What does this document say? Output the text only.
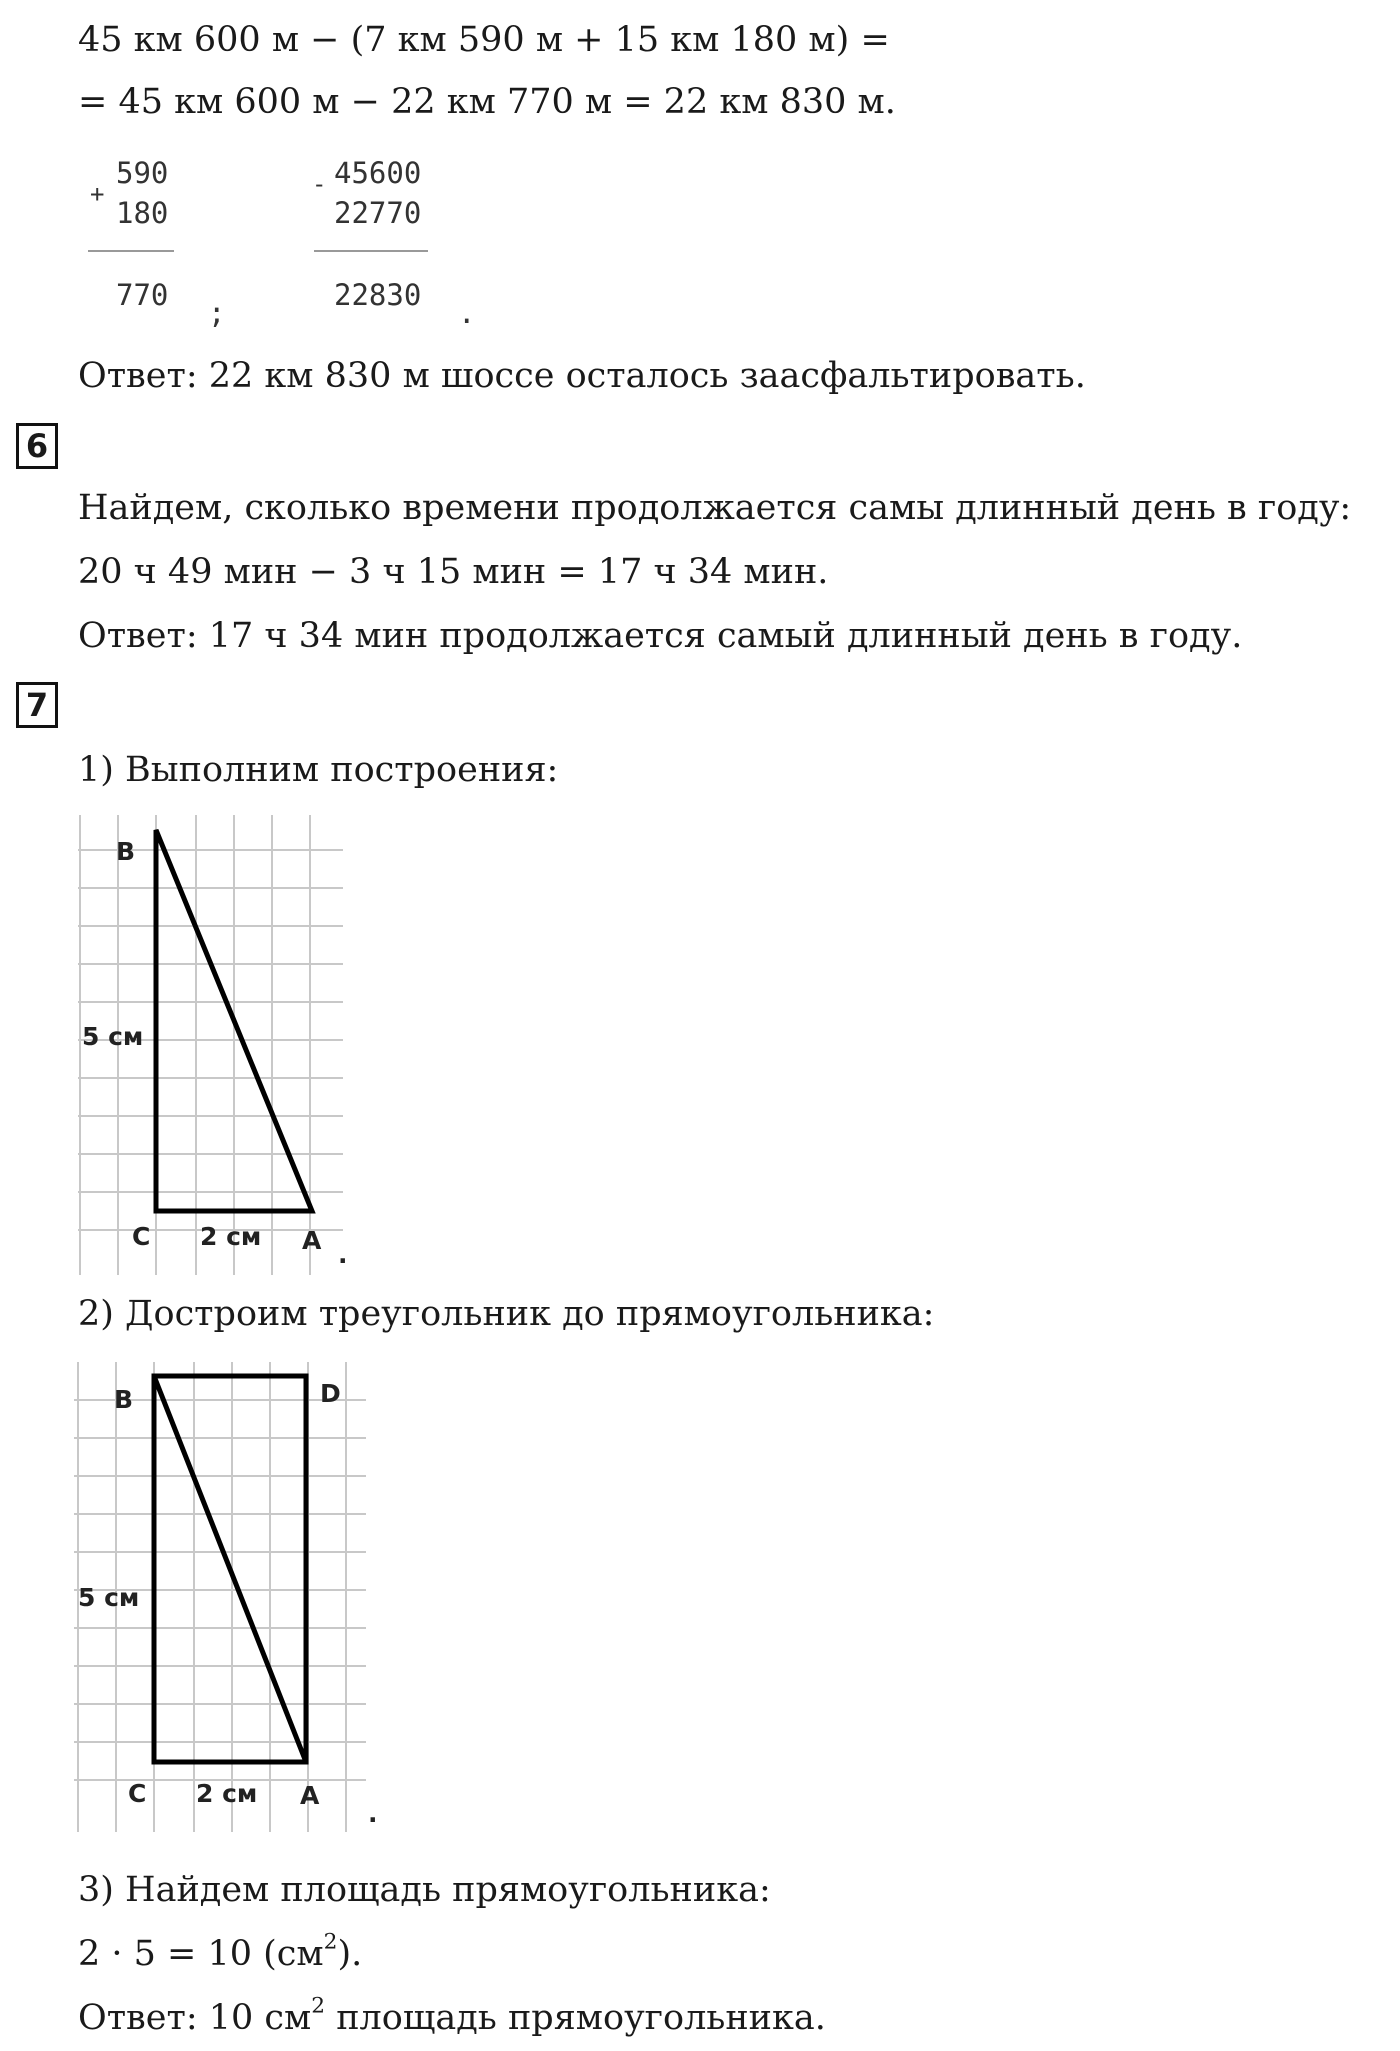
45 км 600 м − (7 км 590 м + 15 км 180 м) =
= 45 км 600 м − 22 км 770 м = 22 км 830 м.
+
590
180
770
;
- 45600
22770
22830
.
Ответ: 22 км 830 м шоссе осталось заасфальтировать.
6
Найдем, сколько времени продолжается самы длинный день в году:
20 ч 49 мин − 3 ч 15 мин = 17 ч 34 мин.
Ответ: 17 ч 34 мин продолжается самый длинный день в году.
7
1) Выполним построения:
B
5 см
C 2 см A .
2) Достроим треугольник до прямоугольника:
B	D
5 см
C 2 см A
.
3) Найдем площадь прямоугольника:
2 · 5 = 10 $(см^2)$.
Ответ: 10 $см^2$ площадь прямоугольника.
